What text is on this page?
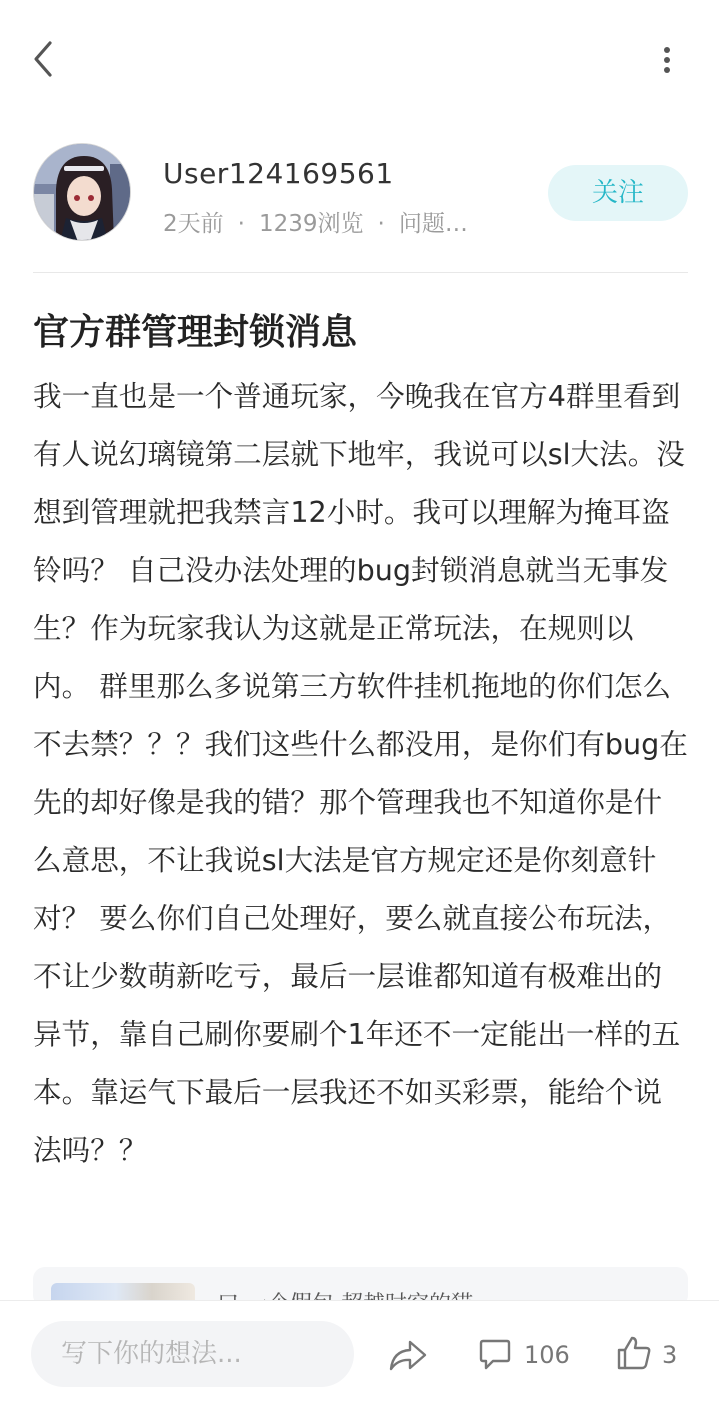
User124169561
2天前 · 1239浏览 · 问题…
关注
官方群管理封锁消息
我一直也是一个普通玩家，今晚我在官方4群里看到有人说幻璃镜第二层就下地牢，我说可以sl大法。没想到管理就把我禁言12小时。我可以理解为掩耳盗铃吗？ 自己没办法处理的bug封锁消息就当无事发生？作为玩家我认为这就是正常玩法，在规则以内。 群里那么多说第三方软件挂机拖地的你们怎么不去禁？？？我们这些什么都没用，是你们有bug在先的却好像是我的错？那个管理我也不知道你是什么意思，不让我说sl大法是官方规定还是你刻意针对？ 要么你们自己处理好，要么就直接公布玩法，不让少数萌新吃亏，最后一层谁都知道有极难出的异节，靠自己刷你要刷个1年还不一定能出一样的五本。靠运气下最后一层我还不如买彩票，能给个说法吗？？
写下你的想法...	106	3
